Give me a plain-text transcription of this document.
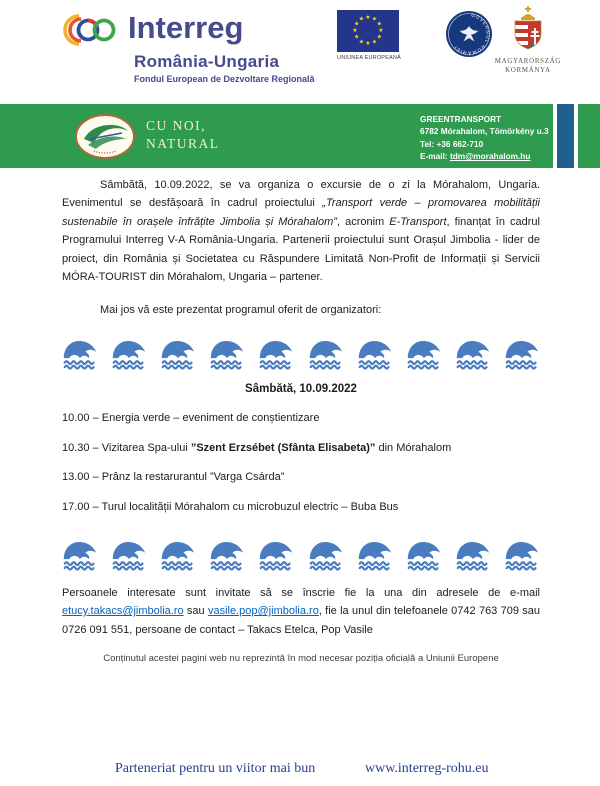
Interreg
România-Ungaria
Fondul European de Dezvoltare Regională
★ ★
★
★
★
★
★
★
★
★
★
★
UNIUNEA EUROPEANĂ
GUVERNUL ROMÂNIEI
MAGYARORSZÁG
KORMÁNYA
CU NOI,
NATURAL
GREENTRANSPORT
6782 Mórahalom, Tömörkény u.3
Tel: +36 662-710
E-mail: tdm@morahalom.hu

Sâmbătă, 10.09.2022, se va organiza o excursie de o zi la Mórahalom, Ungaria. Evenimentul se desfășoară în cadrul proiectului „Transport verde – promovarea mobilității sustenabile în orașele înfrățite Jimbolia și Mórahalom”, acronim E-Transport, finanțat în cadrul Programului Interreg V-A România-Ungaria. Partenerii proiectului sunt Orașul Jimbolia - lider de proiect, din România și Societatea cu Răspundere Limitată Non-Profit de Informații și Servicii MÓRA-TOURIST din Mórahalom, Ungaria – partener.

Mai jos vă este prezentat programul oferit de organizatori:

Sâmbătă, 10.09.2022

10.00 – Energia verde – eveniment de conștientizare

10.30 – Vizitarea Spa-ului ”Szent Erzsébet (Sfânta Elisabeta)” din Mórahalom

13.00 – Prânz la restarurantul ”Varga Csárda”

17.00 – Turul localității Mórahalom cu microbuzul electric – Buba Bus

Persoanele interesate sunt invitate să se înscrie fie la una din adresele de e-mail etucy.takacs@jimbolia.ro sau vasile.pop@jimbolia.ro, fie la unul din telefoanele 0742 763 709 sau 0726 091 551, persoane de contact – Takacs Etelca, Pop Vasile

Conținutul acestei pagini web nu reprezintă în mod necesar poziția oficială a Uniunii Europene
Parteneriat pentru un viitor mai bun	www.interreg-rohu.eu
